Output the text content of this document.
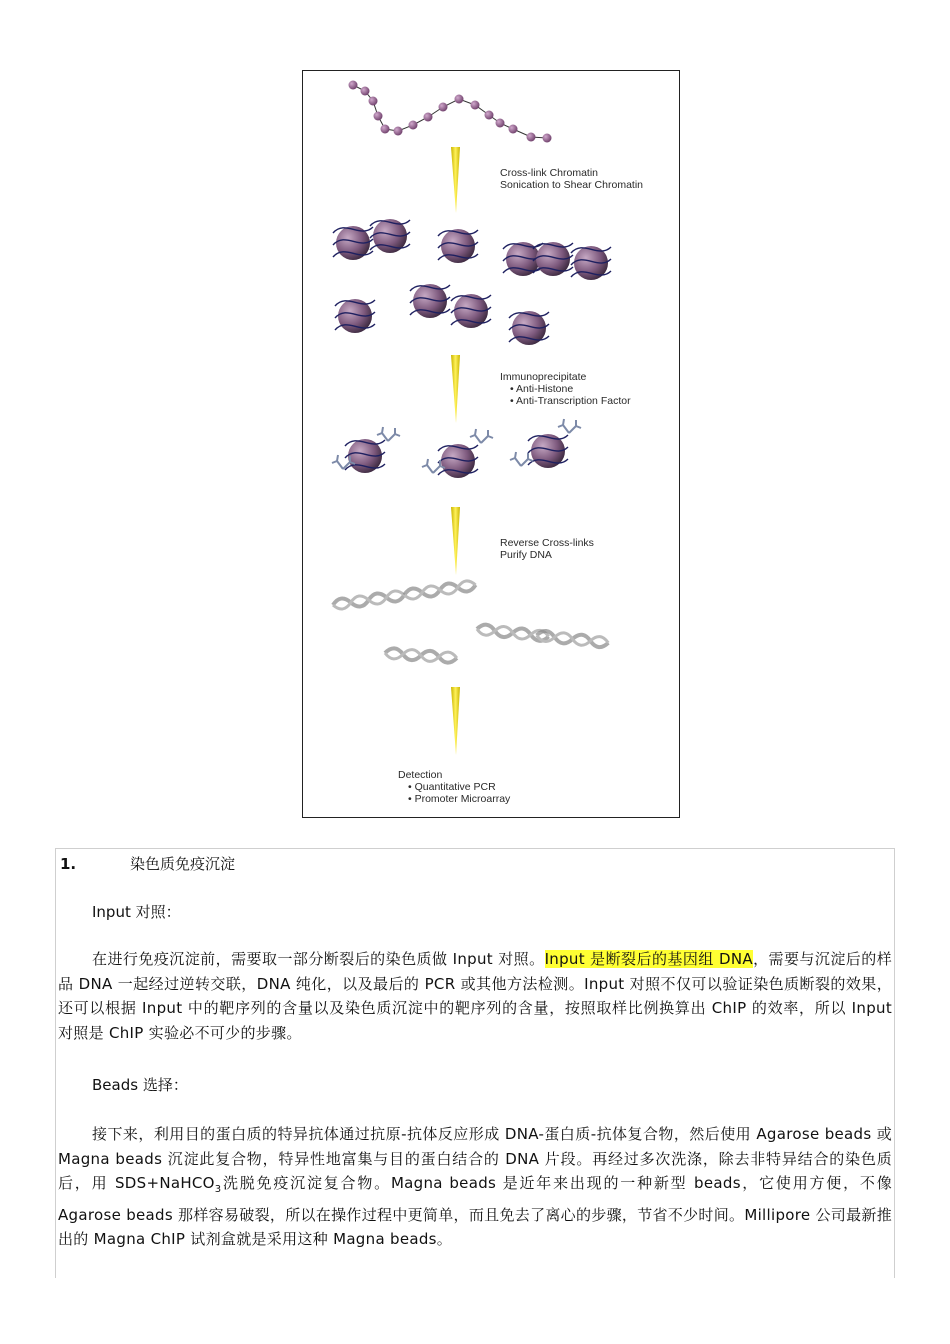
Cross-link Chromatin
Sonication to Shear Chromatin
Immunoprecipitate
• Anti-Histone
• Anti-Transcription Factor
Reverse Cross-links
Purify DNA
Detection
• Quantitative PCR
• Promoter Microarray
1.	染色质免疫沉淀
Input 对照：
在进行免疫沉淀前，需要取一部分断裂后的染色质做 Input 对照。Input 是断裂后的基因组 DNA，需要与沉淀后的样品 DNA 一起经过逆转交联，DNA 纯化，以及最后的 PCR 或其他方法检测。Input 对照不仅可以验证染色质断裂的效果，还可以根据 Input 中的靶序列的含量以及染色质沉淀中的靶序列的含量，按照取样比例换算出 ChIP 的效率，所以 Input 对照是 ChIP 实验必不可少的步骤。
Beads 选择：
接下来，利用目的蛋白质的特异抗体通过抗原-抗体反应形成 DNA-蛋白质-抗体复合物，然后使用 Agarose beads 或 Magna beads 沉淀此复合物，特异性地富集与目的蛋白结合的 DNA 片段。再经过多次洗涤，除去非特异结合的染色质后，用 SDS+NaHCO$_3$洗脱免疫沉淀复合物。Magna beads 是近年来出现的一种新型 beads，它使用方便，不像 Agarose beads 那样容易破裂，所以在操作过程中更简单，而且免去了离心的步骤，节省不少时间。Millipore 公司最新推出的 Magna ChIP 试剂盒就是采用这种 Magna beads。
